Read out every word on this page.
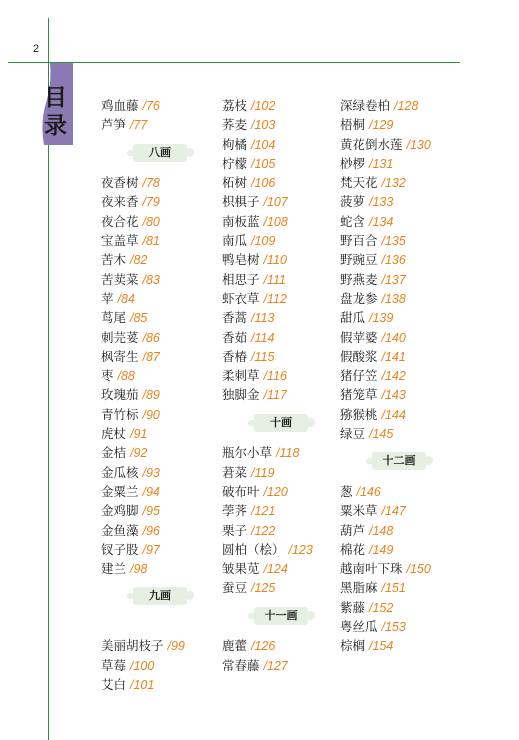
2
目
录
鸡血藤 /76
芦笋 /77
八画
夜香树 /78
夜来香 /79
夜合花 /80
宝盖草 /81
苦木 /82
苦荬菜 /83
苹 /84
茑尾 /85
刺芫荽 /86
枫寄生 /87
枣 /88
玫瑰茄 /89
青竹标 /90
虎杖 /91
金桔 /92
金瓜核 /93
金粟兰 /94
金鸡脚 /95
金鱼藻 /96
钗子股 /97
建兰 /98
九画
美丽胡枝子 /99
草莓 /100
艾白 /101
荔枝 /102
荞麦 /103
枸橘 /104
柠檬 /105
柘树 /106
枳椇子 /107
南板蓝 /108
南瓜 /109
鸭皂树 /110
相思子 /111
虾衣草 /112
香蒿 /113
香茹 /114
香椿 /115
柔刺草 /116
独脚金 /117
十画
瓶尔小草 /118
莙菜 /119
破布叶 /120
荸荠 /121
栗子 /122
圆柏（桧） /123
皱果苋 /124
蚕豆 /125
十一画
鹿藿 /126
常春藤 /127
深绿卷柏 /128
梧桐 /129
黄花倒水莲 /130
桫椤 /131
梵天花 /132
菠萝 /133
蛇含 /134
野百合 /135
野豌豆 /136
野燕麦 /137
盘龙参 /138
甜瓜 /139
假苹婆 /140
假酸浆 /141
猪仔笠 /142
猪笼草 /143
猕猴桃 /144
绿豆 /145
十二画
葱 /146
粟米草 /147
葫芦 /148
棉花 /149
越南叶下珠 /150
黑脂麻 /151
紫藤 /152
粤丝瓜 /153
棕榈 /154
